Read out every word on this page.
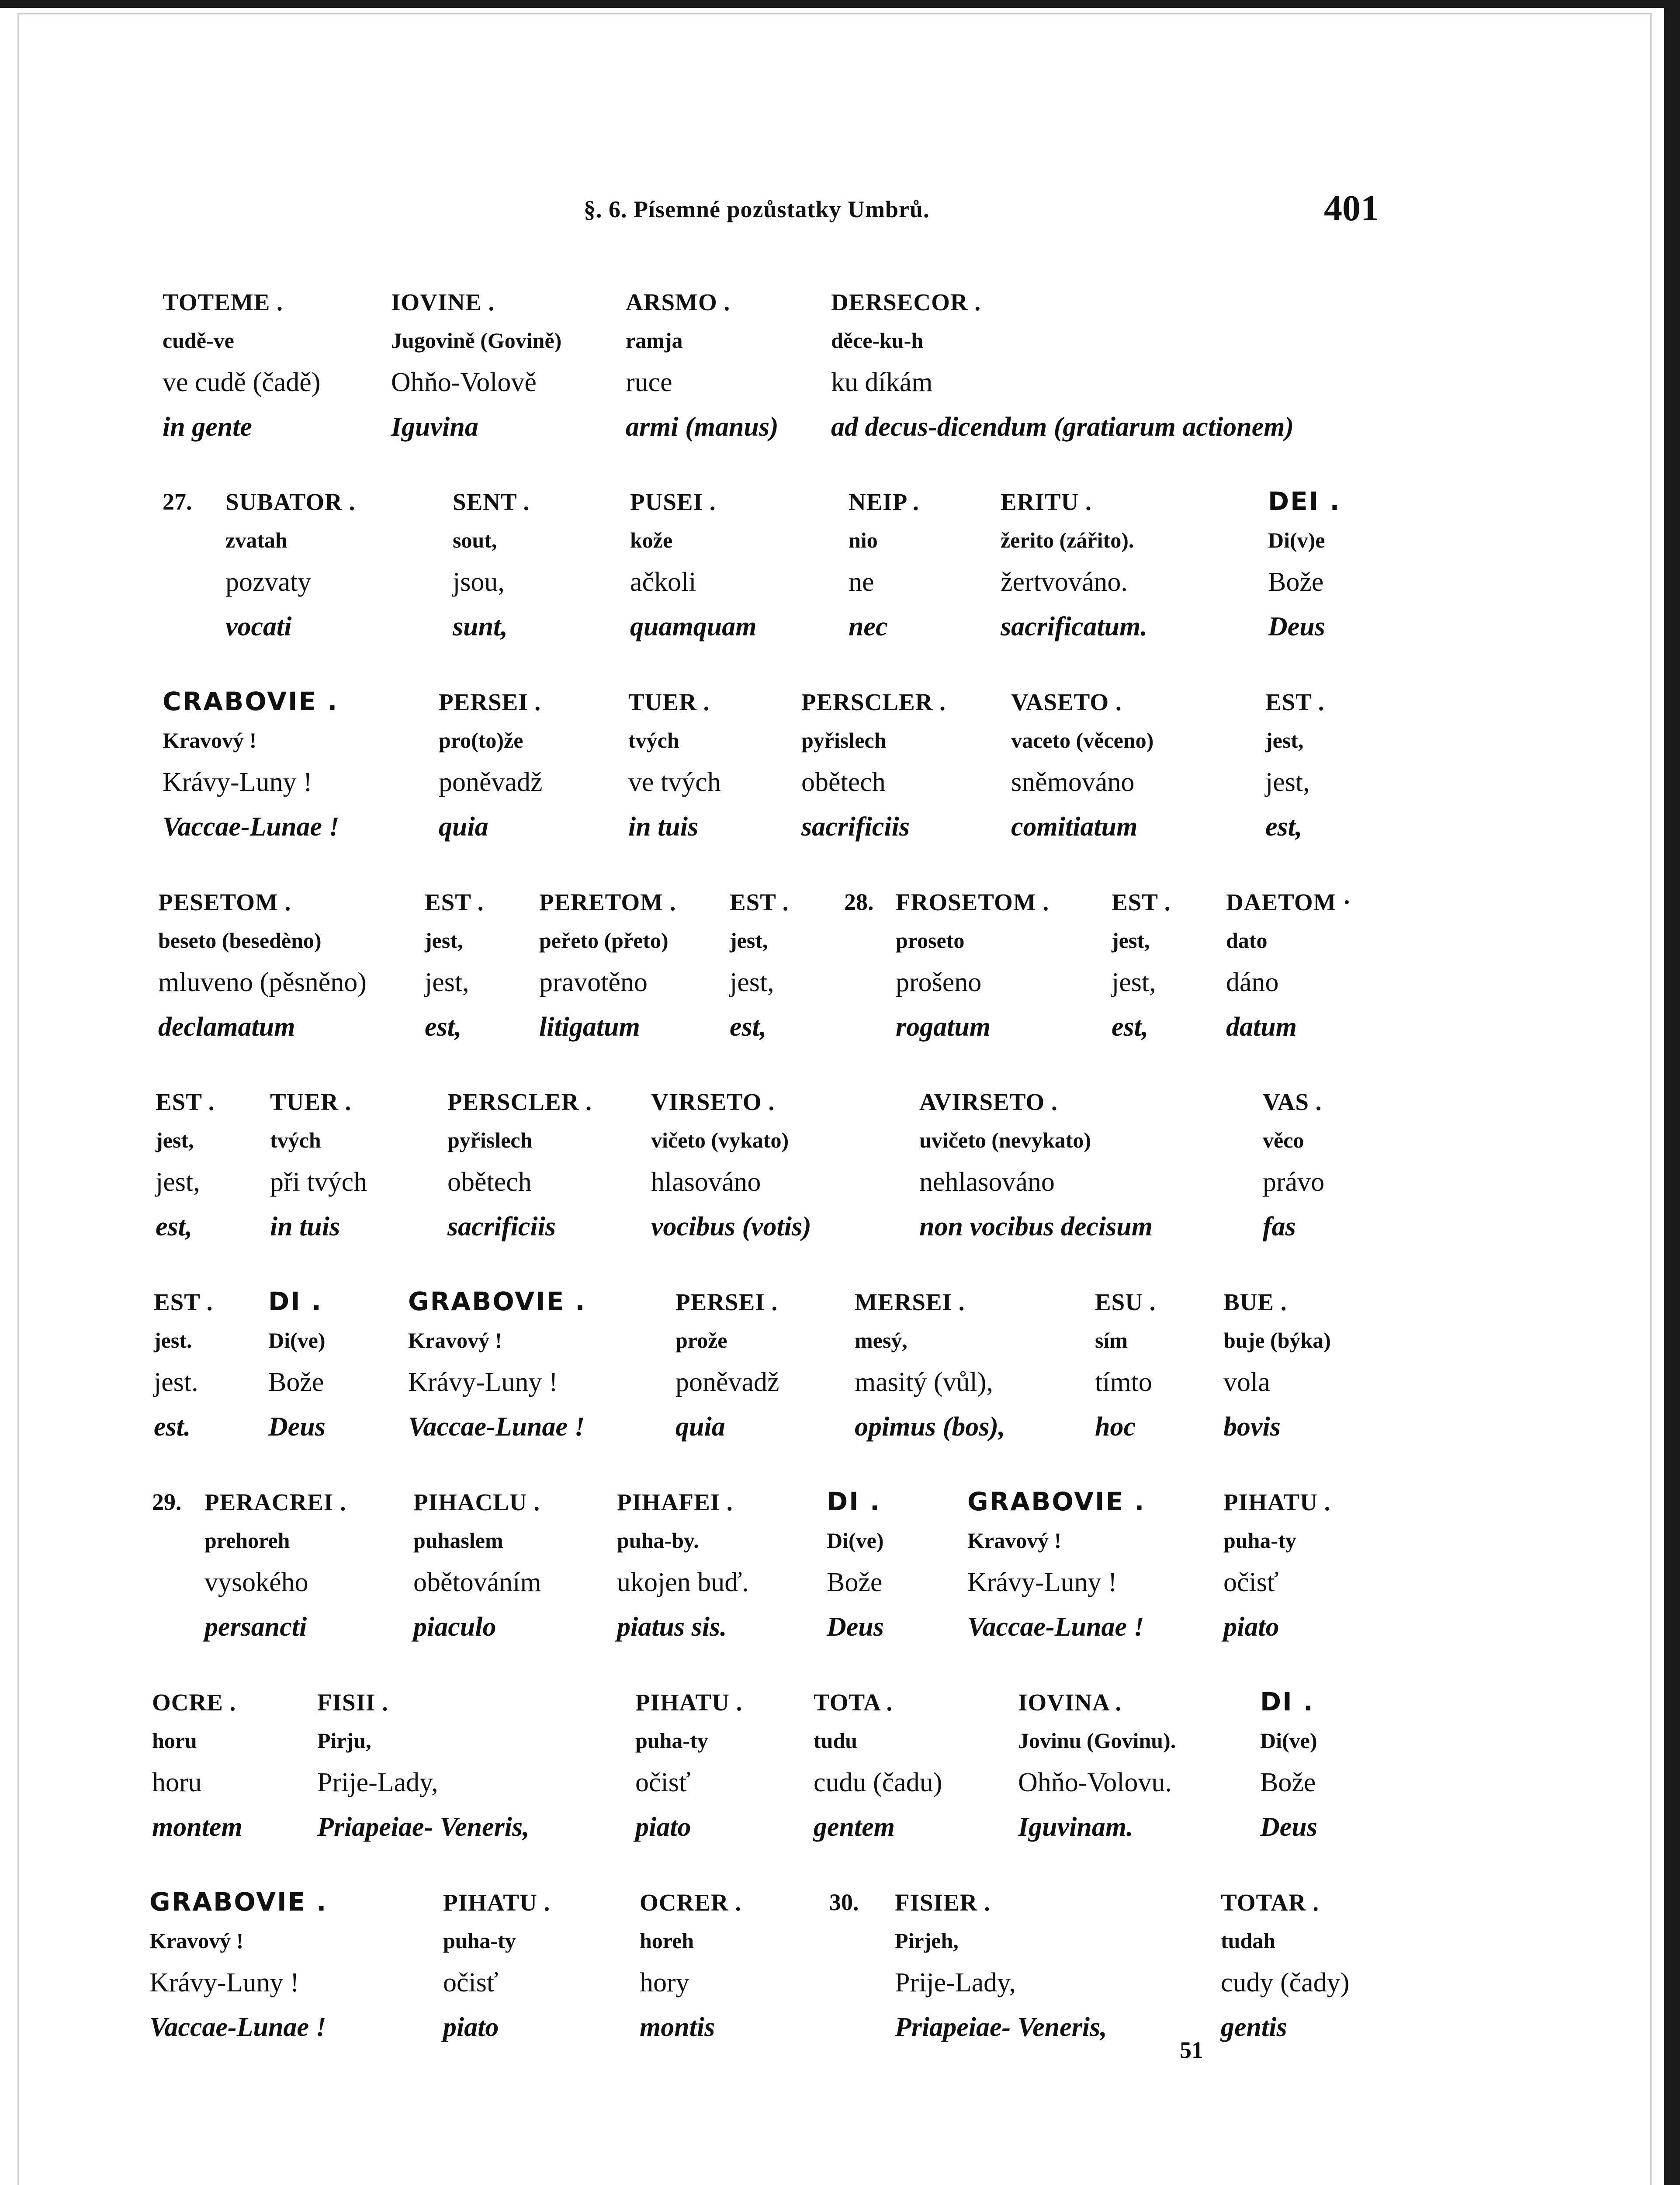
§. 6. Písemné pozůstatky Umbrů.	401
TOTEME .
cudě-ve
ve cudě (čadě)
in gente
IOVINE .
Jugovině (Govině)
Ohňo-Volově
Iguvina
ARSMO .
ramja
ruce
armi (manus)
DERSECOR .
děce-ku-h
ku díkám
ad decus-dicendum (gratiarum actionem)
27. SUBATOR .
zvatah
pozvaty
vocati
SENT .
sout,
jsou,
sunt,
PUSEI .
kože
ačkoli
quamquam
NEIP .
nio
ne
nec
ERITU .
žerito (zářito).
žertvováno.
sacrificatum.
DEI .
Di(v)e
Bože
Deus
CRABOVIE .
Kravový !
Krávy-Luny !
Vaccae-Lunae !
PERSEI .
pro(to)že
poněvadž
quia
TUER .
tvých
ve tvých
in tuis
PERSCLER .
pyřislech
obětech
sacrificiis
VASETO .
vaceto (věceno)
sněmováno
comitiatum
EST .
jest,
jest,
est,
PESETOM .
beseto (besedèno)
mluveno (pěsněno)
declamatum
EST .
jest,
jest,
est,
PERETOM .
peřeto (přeto)
pravotěno
litigatum
EST .
jest,
jest,
est,
28. FROSETOM .
proseto
prošeno
rogatum
EST .
jest,
jest,
est,
DAETOM ·
dato
dáno
datum
EST .
jest,
jest,
est,
TUER .
tvých
při tvých
in tuis
PERSCLER .
pyřislech
obětech
sacrificiis
VIRSETO .
vičeto (vykato)
hlasováno
vocibus (votis)
AVIRSETO .
uvičeto (nevykato)
nehlasováno
non vocibus decisum
VAS .
věco
právo
fas
EST .
jest.
jest.
est.
DI .
Di(ve)
Bože
Deus
GRABOVIE .
Kravový !
Krávy-Luny !
Vaccae-Lunae !
PERSEI .
prože
poněvadž
quia
MERSEI .
mesý,
masitý (vůl),
opimus (bos),
ESU .
sím
tímto
hoc
BUE .
buje (býka)
vola
bovis
29. PERACREI .
prehoreh
vysokého
persancti
PIHACLU .
puhaslem
obětováním
piaculo
PIHAFEI .
puha-by.
ukojen buď.
piatus sis.
DI .
Di(ve)
Bože
Deus
GRABOVIE .
Kravový !
Krávy-Luny !
Vaccae-Lunae !
PIHATU .
puha-ty
očisť
piato
OCRE .
horu
horu
montem
FISII .
Pirju,
Prije-Lady,
Priapeiae- Veneris,
PIHATU .
puha-ty
očisť
piato
TOTA .
tudu
cudu (čadu)
gentem
IOVINA .
Jovinu (Govinu).
Ohňo-Volovu.
Iguvinam.
DI .
Di(ve)
Bože
Deus
GRABOVIE .
Kravový !
Krávy-Luny !
Vaccae-Lunae !
PIHATU .
puha-ty
očisť
piato
OCRER .
horeh
hory
montis
30. FISIER .
Pirjeh,
Prije-Lady,
Priapeiae- Veneris,
TOTAR .
tudah
cudy (čady)
gentis
51
